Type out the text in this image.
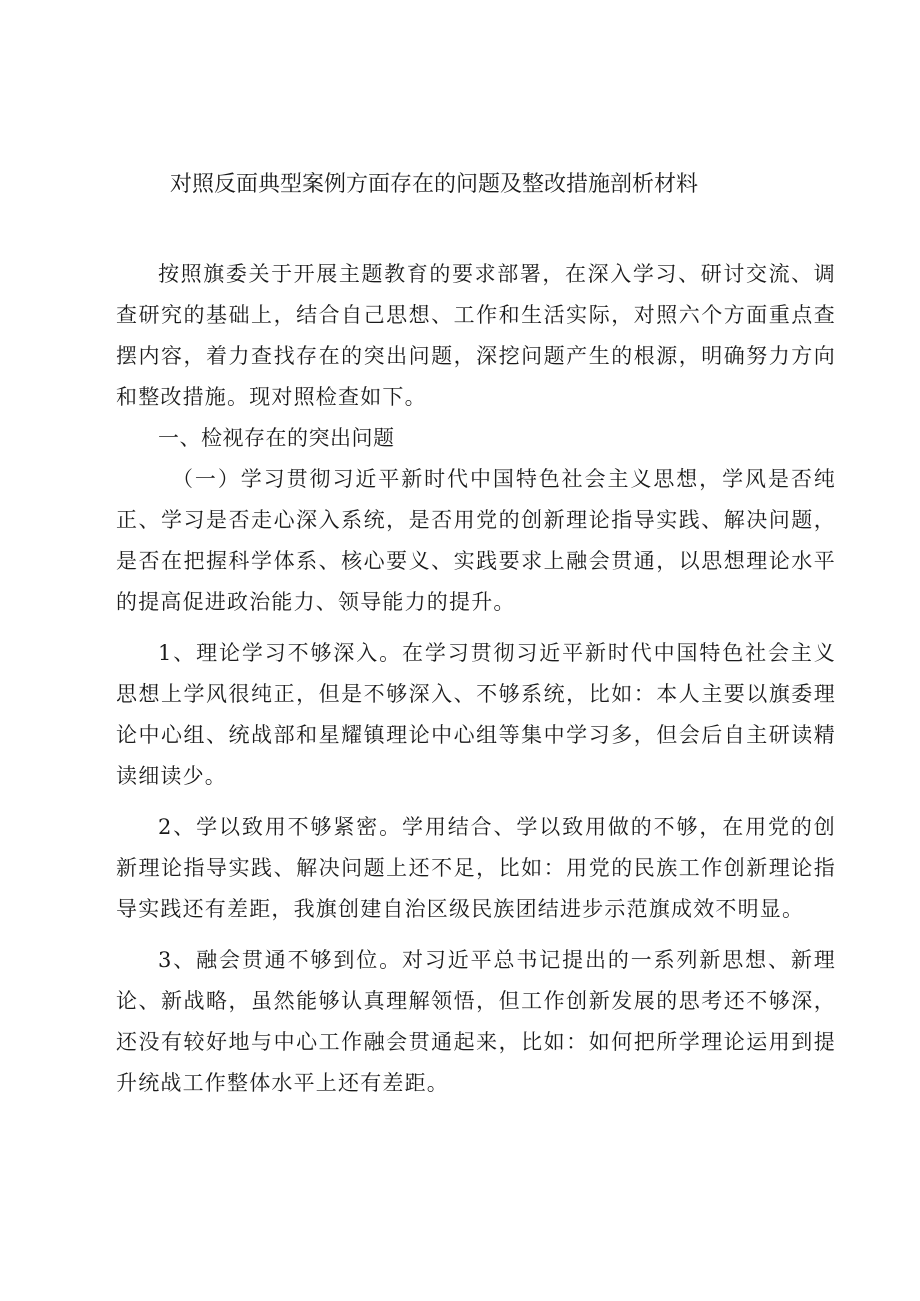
对照反面典型案例方面存在的问题及整改措施剖析材料

按照旗委关于开展主题教育的要求部署，在深入学习、研讨交流、调查研究的基础上，结合自己思想、工作和生活实际，对照六个方面重点查摆内容，着力查找存在的突出问题，深挖问题产生的根源，明确努力方向和整改措施。现对照检查如下。

一、检视存在的突出问题

（一）学习贯彻习近平新时代中国特色社会主义思想，学风是否纯正、学习是否走心深入系统，是否用党的创新理论指导实践、解决问题，是否在把握科学体系、核心要义、实践要求上融会贯通，以思想理论水平的提高促进政治能力、领导能力的提升。

1、理论学习不够深入。在学习贯彻习近平新时代中国特色社会主义思想上学风很纯正，但是不够深入、不够系统，比如：本人主要以旗委理论中心组、统战部和星耀镇理论中心组等集中学习多，但会后自主研读精读细读少。

2、学以致用不够紧密。学用结合、学以致用做的不够，在用党的创新理论指导实践、解决问题上还不足，比如：用党的民族工作创新理论指导实践还有差距，我旗创建自治区级民族团结进步示范旗成效不明显。

3、融会贯通不够到位。对习近平总书记提出的一系列新思想、新理论、新战略，虽然能够认真理解领悟，但工作创新发展的思考还不够深，还没有较好地与中心工作融会贯通起来，比如：如何把所学理论运用到提升统战工作整体水平上还有差距。
